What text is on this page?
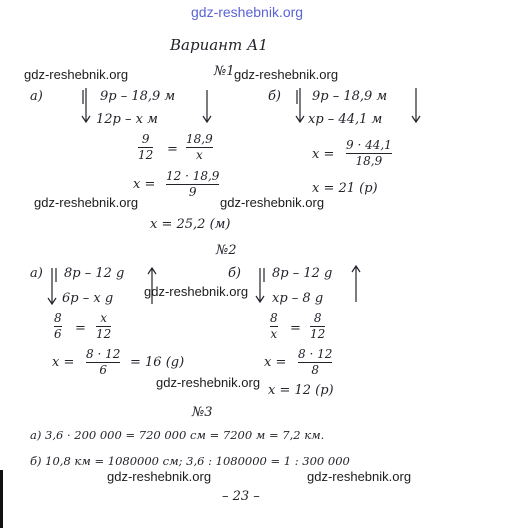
gdz-reshebnik.org
gdz-reshebnik.org	gdz-reshebnik.org
gdz-reshebnik.org	gdz-reshebnik.org
gdz-reshebnik.org
gdz-reshebnik.org
gdz-reshebnik.org	gdz-reshebnik.org
Вариант А1
№1
а)	9р – 18,9 м
12р – х м
9
12 =
18,9
х
х =
12 · 18,9
9
х = 25,2 (м)
б) 9р – 18,9 м
хр – 44,1 м
х =
9 · 44,1
18,9
х = 21 (р)
№2
а) 8р – 12 g
6р – х g
8
6 =
х
12
х =
8 · 12
6 = 16 (g)
б) 8р – 12 g
хр – 8 g
8
х =
8
12
х =
8 · 12
8
х = 12 (р)
№3
а) 3,6 · 200 000 = 720 000 см = 7200 м = 7,2 км.
б) 10,8 км = 1080000 см; 3,6 : 1080000 = 1 : 300 000
– 23 –
